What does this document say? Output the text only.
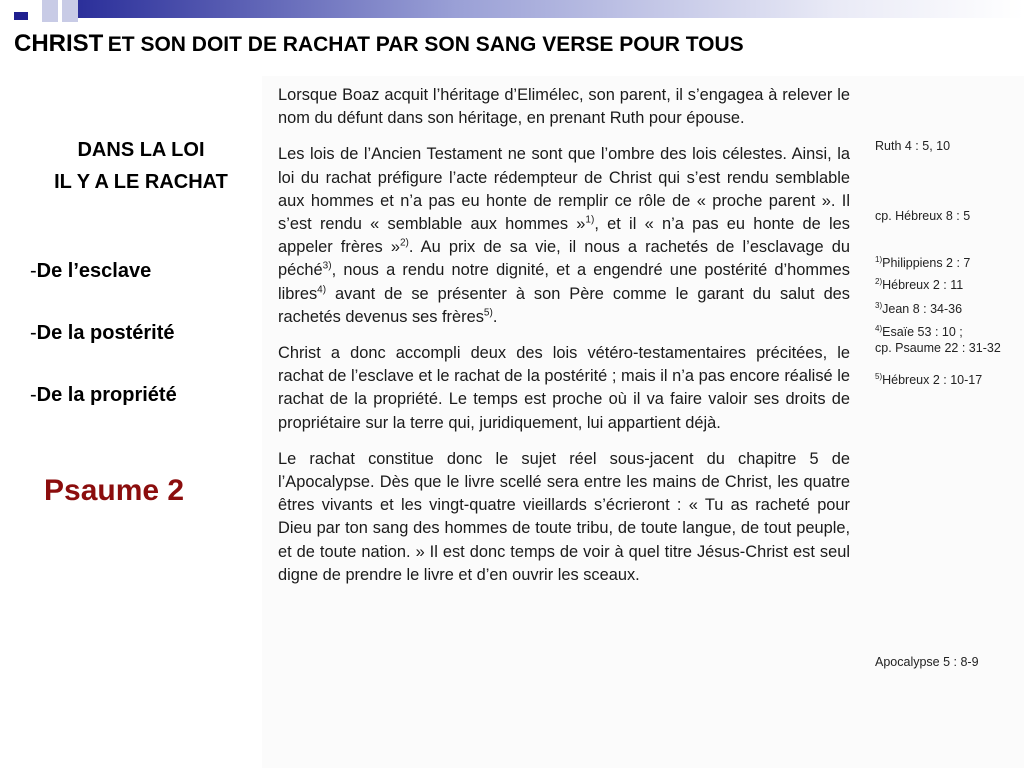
CHRIST ET SON DOIT DE RACHAT PAR SON SANG VERSE POUR TOUS
DANS LA LOI
IL Y A LE RACHAT
-De l’esclave
-De la postérité
-De la propriété
Psaume 2

Lorsque Boaz acquit l’héritage d’Elimélec, son parent, il s’engagea à relever le nom du défunt dans son héritage, en prenant Ruth pour épouse.

Les lois de l’Ancien Testament ne sont que l’ombre des lois célestes. Ainsi, la loi du rachat préfigure l’acte rédempteur de Christ qui s’est rendu semblable aux hommes et n’a pas eu honte de remplir ce rôle de « proche parent ». Il s’est rendu « semblable aux hommes »$^{1)}$, et il « n’a pas eu honte de les appeler frères »$^{2)}$. Au prix de sa vie, il nous a rachetés de l’esclavage du péché$^{3)}$, nous a rendu notre dignité, et a engendré une postérité d’hommes libres$^{4)}$ avant de se présenter à son Père comme le garant du salut des rachetés devenus ses frères$^{5)}$.

Christ a donc accompli deux des lois vétéro-testamentaires précitées, le rachat de l’esclave et le rachat de la postérité ; mais il n’a pas encore réalisé le rachat de la propriété. Le temps est proche où il va faire valoir ses droits de propriétaire sur la terre qui, juridiquement, lui appartient déjà.

Le rachat constitue donc le sujet réel sous-jacent du chapitre 5 de l’Apocalypse. Dès que le livre scellé sera entre les mains de Christ, les quatre êtres vivants et les vingt-quatre vieillards s’écrieront : « Tu as racheté pour Dieu par ton sang des hommes de toute tribu, de toute langue, de tout peuple, et de toute nation. » Il est donc temps de voir à quel titre Jésus-Christ est seul digne de prendre le livre et d’en ouvrir les sceaux.

Ruth 4 : 5, 10
cp. Hébreux 8 : 5
$^{1)}$Philippiens 2 : 7
$^{2)}$Hébreux 2 : 11
$^{3)}$Jean 8 : 34-36
$^{4)}$Esaïe 53 : 10 ;
cp. Psaume 22 : 31-32
$^{5)}$Hébreux 2 : 10-17
Apocalypse 5 : 8-9
